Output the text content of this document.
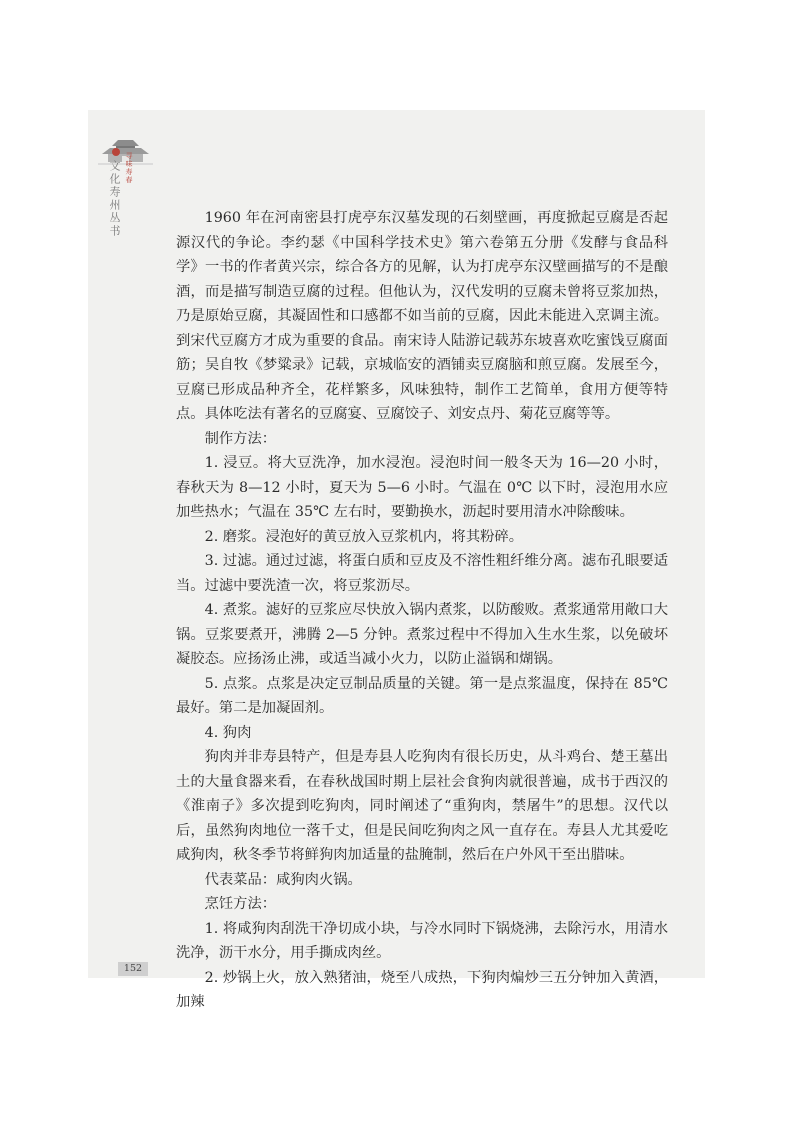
寻味寿春
文化寿州丛书	1960 年在河南密县打虎亭东汉墓发现的石刻壁画，再度掀起豆腐是否起源汉代的争论。李约瑟《中国科学技术史》第六卷第五分册《发酵与食品科学》一书的作者黄兴宗，综合各方的见解，认为打虎亭东汉壁画描写的不是酿酒，而是描写制造豆腐的过程。但他认为，汉代发明的豆腐未曾将豆浆加热，乃是原始豆腐，其凝固性和口感都不如当前的豆腐，因此未能进入烹调主流。到宋代豆腐方才成为重要的食品。南宋诗人陆游记载苏东坡喜欢吃蜜饯豆腐面筋；吴自牧《梦粱录》记载，京城临安的酒铺卖豆腐脑和煎豆腐。发展至今，豆腐已形成品种齐全，花样繁多，风味独特，制作工艺简单，食用方便等特点。具体吃法有著名的豆腐宴、豆腐饺子、刘安点丹、菊花豆腐等等。

制作方法：

1. 浸豆。将大豆洗净，加水浸泡。浸泡时间一般冬天为 16—20 小时，春秋天为 8—12 小时，夏天为 5—6 小时。气温在 0℃ 以下时，浸泡用水应加些热水；气温在 35℃ 左右时，要勤换水，沥起时要用清水冲除酸味。

2. 磨浆。浸泡好的黄豆放入豆浆机内，将其粉碎。

3. 过滤。通过过滤，将蛋白质和豆皮及不溶性粗纤维分离。滤布孔眼要适当。过滤中要洗渣一次，将豆浆沥尽。

4. 煮浆。滤好的豆浆应尽快放入锅内煮浆，以防酸败。煮浆通常用敞口大锅。豆浆要煮开，沸腾 2—5 分钟。煮浆过程中不得加入生水生浆，以免破坏凝胶态。应扬汤止沸，或适当减小火力，以防止溢锅和煳锅。

5. 点浆。点浆是决定豆制品质量的关键。第一是点浆温度，保持在 85℃ 最好。第二是加凝固剂。

4. 狗肉

狗肉并非寿县特产，但是寿县人吃狗肉有很长历史，从斗鸡台、楚王墓出土的大量食器来看，在春秋战国时期上层社会食狗肉就很普遍，成书于西汉的《淮南子》多次提到吃狗肉，同时阐述了“重狗肉，禁屠牛”的思想。汉代以后，虽然狗肉地位一落千丈，但是民间吃狗肉之风一直存在。寿县人尤其爱吃咸狗肉，秋冬季节将鲜狗肉加适量的盐腌制，然后在户外风干至出腊味。

代表菜品：咸狗肉火锅。

烹饪方法：

1. 将咸狗肉刮洗干净切成小块，与冷水同时下锅烧沸，去除污水，用清水洗净，沥干水分，用手撕成肉丝。

2. 炒锅上火，放入熟猪油，烧至八成热，下狗肉煸炒三五分钟加入黄酒，加辣

152
